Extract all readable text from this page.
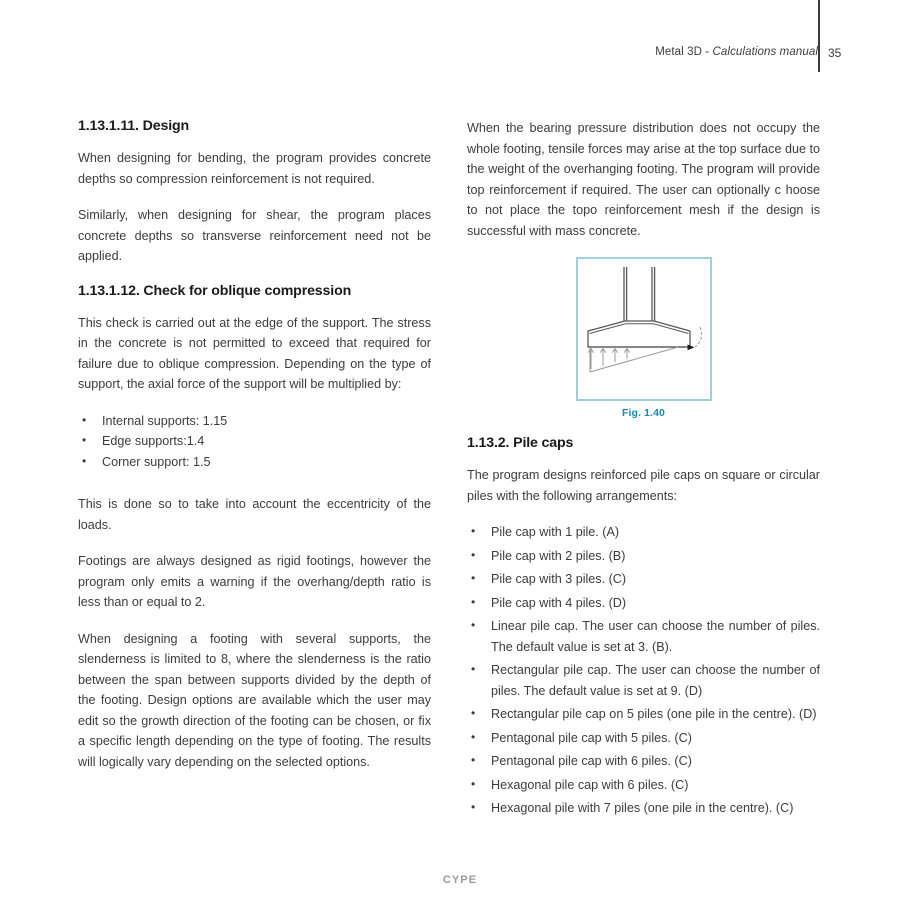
Metal 3D - Calculations manual 35
1.13.1.11. Design

When designing for bending, the program provides concrete depths so compression reinforcement is not required.

Similarly, when designing for shear, the program places concrete depths so transverse reinforcement need not be applied.

1.13.1.12. Check for oblique compression

This check is carried out at the edge of the support. The stress in the concrete is not permitted to exceed that required for failure due to oblique compression. Depending on the type of support, the axial force of the support will be multiplied by:

• Internal supports: 1.15
• Edge supports:1.4
• Corner support: 1.5

This is done so to take into account the eccentricity of the loads.

Footings are always designed as rigid footings, however the program only emits a warning if the overhang/depth ratio is less than or equal to 2.

When designing a footing with several supports, the slenderness is limited to 8, where the slenderness is the ratio between the span between supports divided by the depth of the footing. Design options are available which the user may edit so the growth direction of the footing can be chosen, or fix a specific length depending on the type of footing. The results will logically vary depending on the selected options.

When the bearing pressure distribution does not occupy the whole footing, tensile forces may arise at the top surface due to the weight of the overhanging footing. The program will provide top reinforcement if required. The user can optionally c hoose to not place the topo reinforcement mesh if the design is successful with mass concrete.

Fig. 1.40
1.13.2. Pile caps

The program designs reinforced pile caps on square or circular piles with the following arrangements:

• Pile cap with 1 pile. (A)
• Pile cap with 2 piles. (B)
• Pile cap with 3 piles. (C)
• Pile cap with 4 piles. (D)
• Linear pile cap. The user can choose the number of piles. The default value is set at 3. (B).
• Rectangular pile cap. The user can choose the number of piles. The default value is set at 9. (D)
• Rectangular pile cap on 5 piles (one pile in the centre). (D)
• Pentagonal pile cap with 5 piles. (C)
• Pentagonal pile cap with 6 piles. (C)
• Hexagonal pile cap with 6 piles. (C)
• Hexagonal pile with 7 piles (one pile in the centre). (C)
CYPE
